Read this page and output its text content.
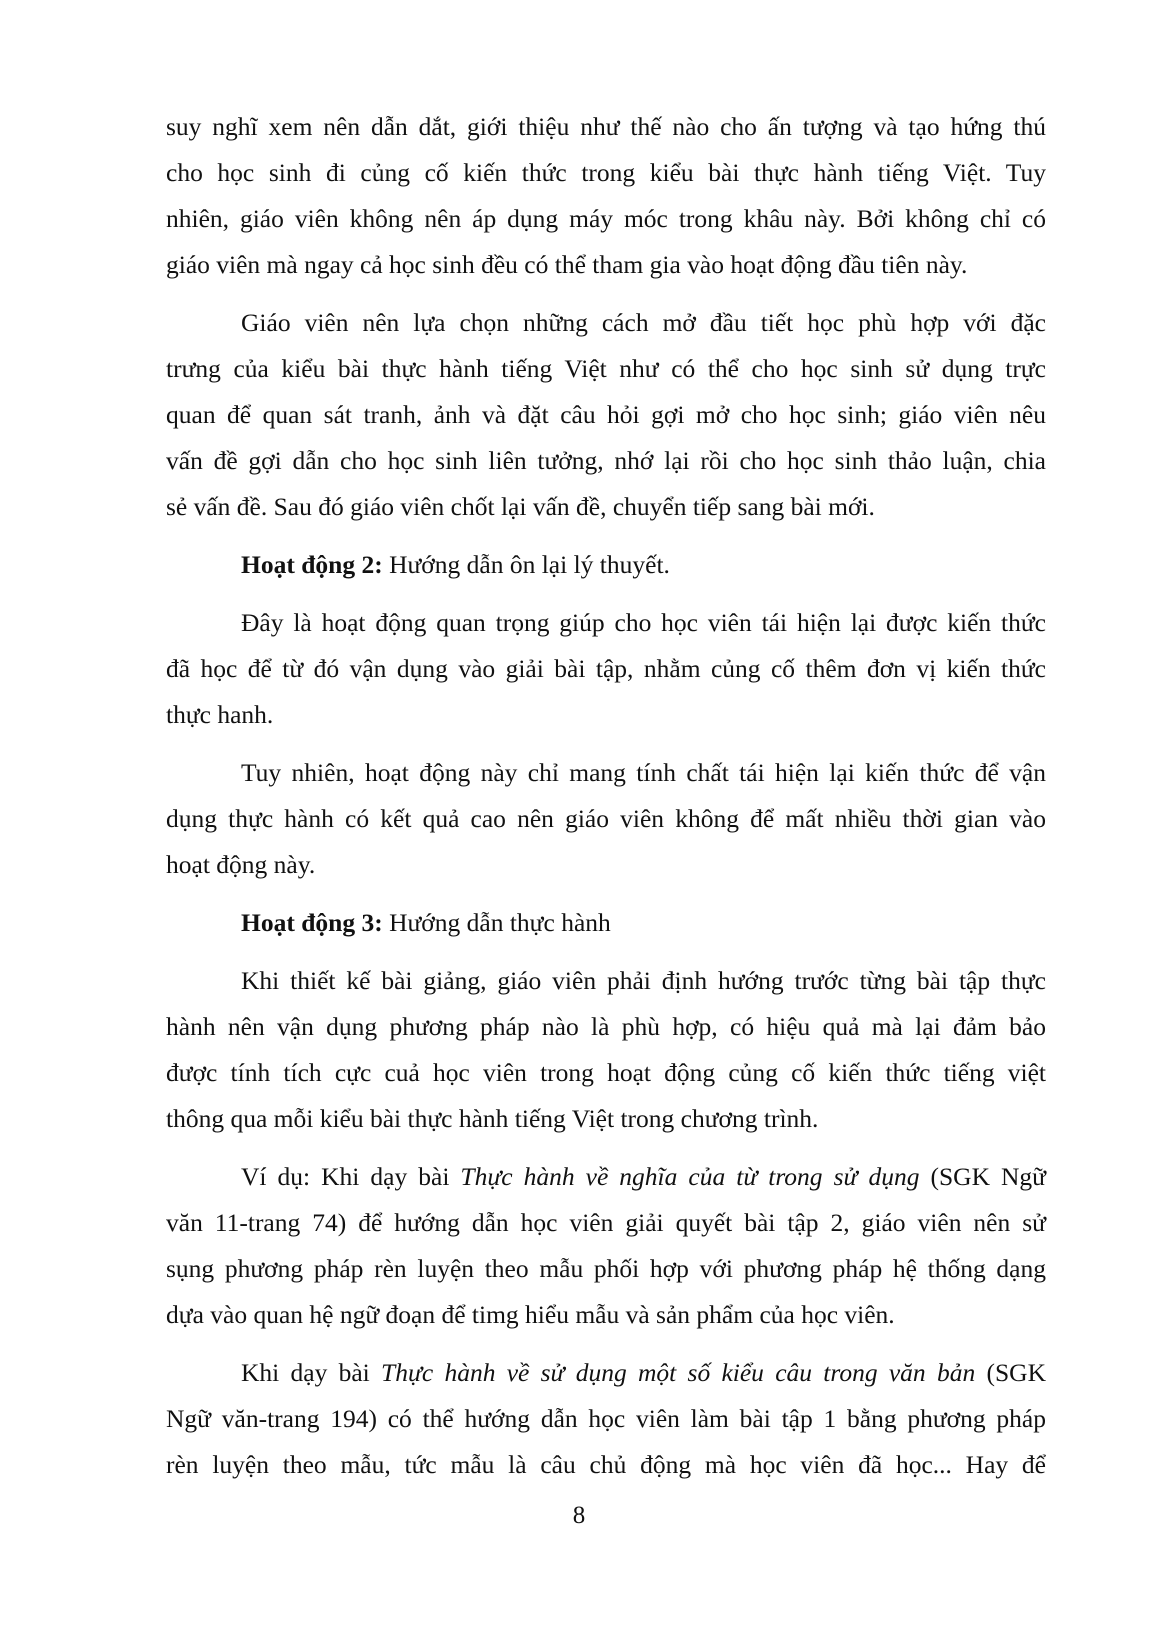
suy nghĩ xem nên dẫn dắt, giới thiệu như thế nào cho ấn tượng và tạo hứng thú
cho học sinh đi củng cố kiến thức trong kiểu bài thực hành tiếng Việt. Tuy
nhiên, giáo viên không nên áp dụng máy móc trong khâu này. Bởi không chỉ có
giáo viên mà ngay cả học sinh đều có thể tham gia vào hoạt động đầu tiên này.
Giáo viên nên lựa chọn những cách mở đầu tiết học phù hợp với đặc
trưng của kiểu bài thực hành tiếng Việt như có thể cho học sinh sử dụng trực
quan để quan sát tranh, ảnh và đặt câu hỏi gợi mở cho học sinh; giáo viên nêu
vấn đề gợi dẫn cho học sinh liên tưởng, nhớ lại rồi cho học sinh thảo luận, chia
sẻ vấn đề. Sau đó giáo viên chốt lại vấn đề, chuyển tiếp sang bài mới.
Hoạt động 2: Hướng dẫn ôn lại lý thuyết.
Đây là hoạt động quan trọng giúp cho học viên tái hiện lại được kiến thức
đã học để từ đó vận dụng vào giải bài tập, nhằm củng cố thêm đơn vị kiến thức
thực hanh.
Tuy nhiên, hoạt động này chỉ mang tính chất tái hiện lại kiến thức để vận
dụng thực hành có kết quả cao nên giáo viên không để mất nhiều thời gian vào
hoạt động này.
Hoạt động 3: Hướng dẫn thực hành
Khi thiết kế bài giảng, giáo viên phải định hướng trước từng bài tập thực
hành nên vận dụng phương pháp nào là phù hợp, có hiệu quả mà lại đảm bảo
được tính tích cực cuả học viên trong hoạt động củng cố kiến thức tiếng việt
thông qua mỗi kiểu bài thực hành tiếng Việt trong chương trình.
Ví dụ: Khi dạy bài Thực hành về nghĩa của từ trong sử dụng (SGK Ngữ
văn 11-trang 74) để hướng dẫn học viên giải quyết bài tập 2, giáo viên nên sử
sụng phương pháp rèn luyện theo mẫu phối hợp với phương pháp hệ thống dạng
dựa vào quan hệ ngữ đoạn để timg hiểu mẫu và sản phẩm của học viên.
Khi dạy bài Thực hành về sử dụng một số kiểu câu trong văn bản (SGK
Ngữ văn-trang 194) có thể hướng dẫn học viên làm bài tập 1 bằng phương pháp
rèn luyện theo mẫu, tức mẫu là câu chủ động mà học viên đã học... Hay để
8
